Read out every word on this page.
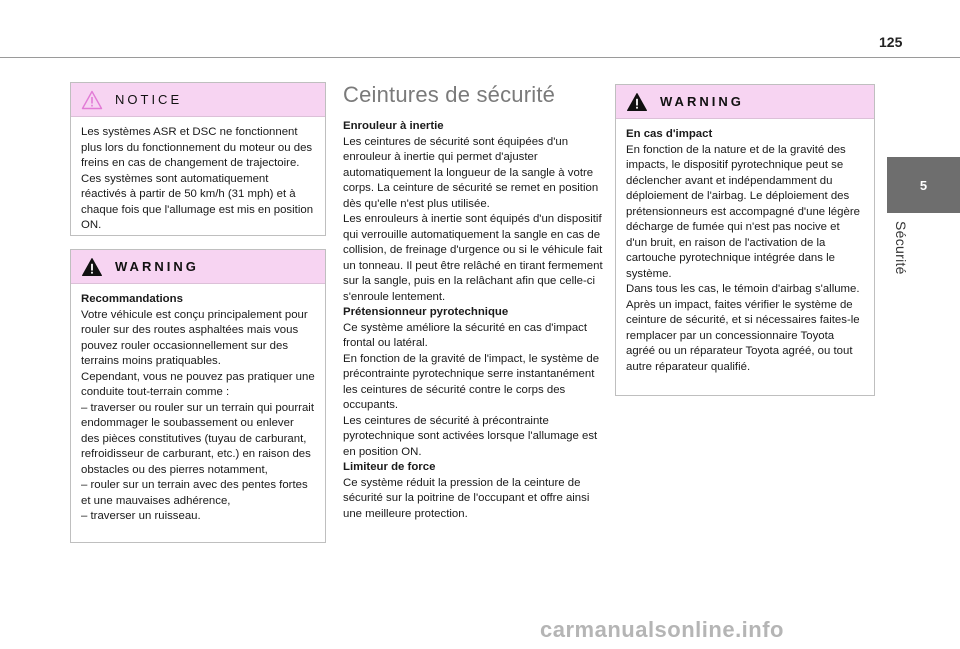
125
5
Sécurité
NOTICE

Les systèmes ASR et DSC ne fonctionnent plus lors du fonctionnement du moteur ou des freins en cas de changement de trajectoire.

Ces systèmes sont automatiquement réactivés à partir de 50 km/h (31 mph) et à chaque fois que l'allumage est mis en position ON.

WARNING

Recommandations

Votre véhicule est conçu principalement pour rouler sur des routes asphaltées mais vous pouvez rouler occasionnellement sur des terrains moins pratiquables.

Cependant, vous ne pouvez pas pratiquer une conduite tout-terrain comme :

– traverser ou rouler sur un terrain qui pourrait endommager le soubassement ou enlever des pièces constitutives (tuyau de carburant, refroidisseur de carburant, etc.) en raison des obstacles ou des pierres notamment,

– rouler sur un terrain avec des pentes fortes et une mauvaises adhérence,

– traverser un ruisseau.

Ceintures de sécurité

Enrouleur à inertie

Les ceintures de sécurité sont équipées d'un enrouleur à inertie qui permet d'ajuster automatiquement la longueur de la sangle à votre corps. La ceinture de sécurité se remet en position dès qu'elle n'est plus utilisée.

Les enrouleurs à inertie sont équipés d'un dispositif qui verrouille automatiquement la sangle en cas de collision, de freinage d'urgence ou si le véhicule fait un tonneau. Il peut être relâché en tirant fermement sur la sangle, puis en la relâchant afin que celle-ci s'enroule lentement.

Prétensionneur pyrotechnique

Ce système améliore la sécurité en cas d'impact frontal ou latéral.

En fonction de la gravité de l'impact, le système de précontrainte pyrotechnique serre instantanément les ceintures de sécurité contre le corps des occupants.

Les ceintures de sécurité à précontrainte pyrotechnique sont activées lorsque l'allumage est en position ON.

Limiteur de force

Ce système réduit la pression de la ceinture de sécurité sur la poitrine de l'occupant et offre ainsi une meilleure protection.

WARNING

En cas d'impact

En fonction de la nature et de la gravité des impacts, le dispositif pyrotechnique peut se déclencher avant et indépendamment du déploiement de l'airbag. Le déploiement des prétensionneurs est accompagné d'une légère décharge de fumée qui n'est pas nocive et d'un bruit, en raison de l'activation de la cartouche pyrotechnique intégrée dans le système.

Dans tous les cas, le témoin d'airbag s'allume.

Après un impact, faites vérifier le système de ceinture de sécurité, et si nécessaires faites-le remplacer par un concessionnaire Toyota agréé ou un réparateur Toyota agréé, ou tout autre réparateur qualifié.

carmanualsonline.info
